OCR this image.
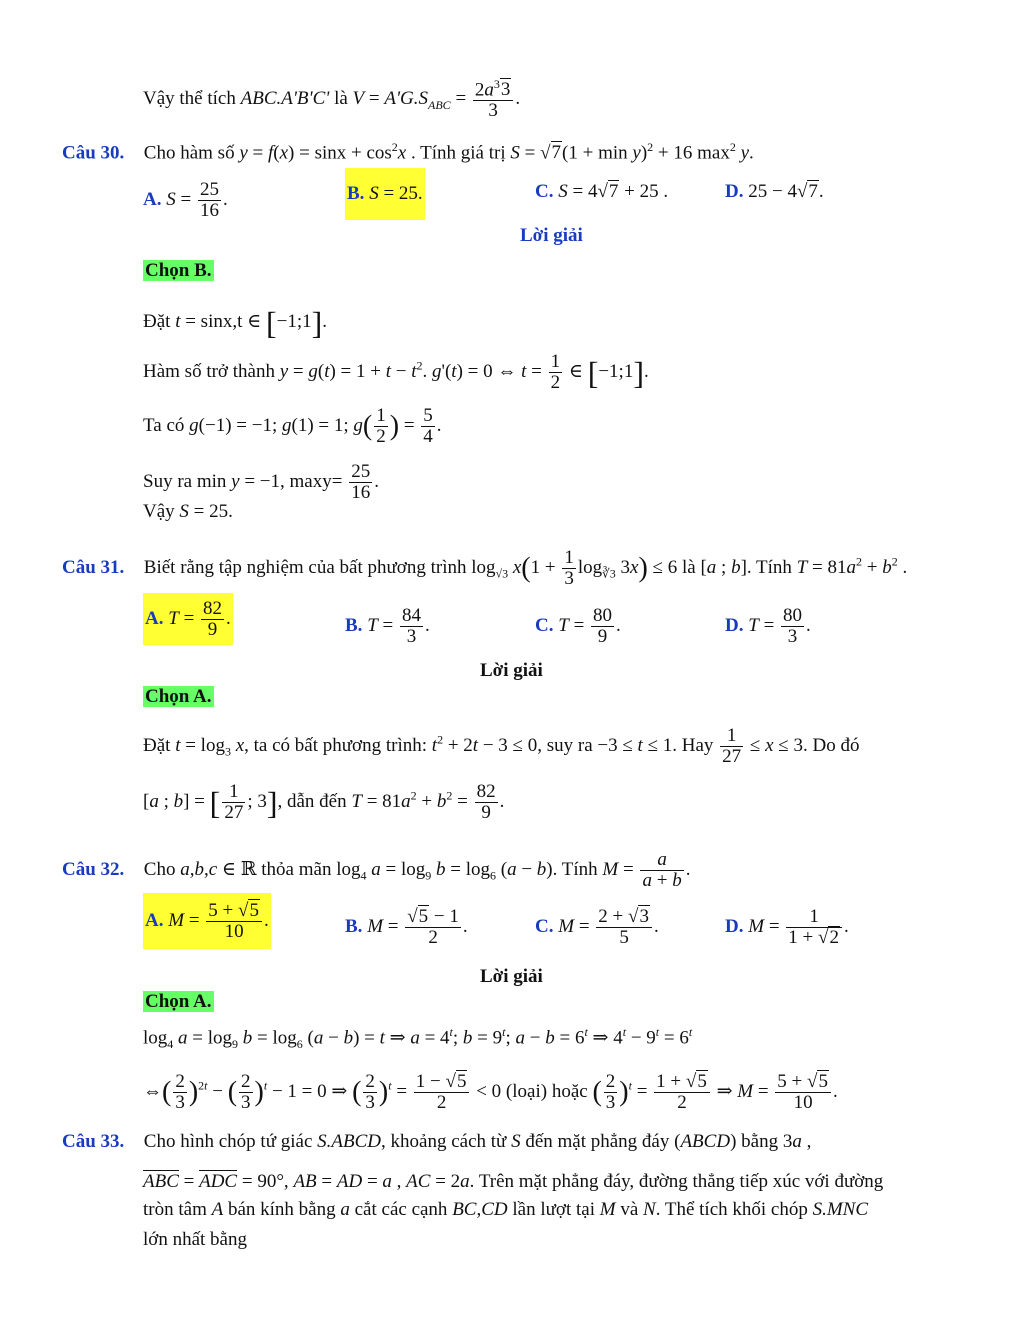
Vậy thể tích ABC.A'B'C' là $V = A'G.S_{ABC} = \frac{2a^33}{3}$ .
Câu 30. Cho hàm số $y = f(x) = \sin x + \cos^2x$ . Tính giá trị $S = √7(1 + \min y)^2 + 16$ $\max^2 y$.
A. $S = \frac{25}{16}$ .	B. S = 25.	C. S = 4√7 + 25 .	D. 25 − 4√7.
Lời giải
Chọn B.
Đặt t = sinx,t ∈ [−1;1].
Hàm số trở thành $y = g(t) = 1 + t - t^2$. g'(t) = 0 ⇔ $t = \frac{1}{2}$ ∈ [−1;1].
Ta có g(−1) = −1; g(1) = 1; $g( \frac{1}{2}$ ) = $\frac{5}{4}$ .
Suy ra min y = −1, $\max y= \frac{25}{16}$ .
Vậy S = 25.
Câu 31. Biết rằng tập nghiệm của bất phương trình $\log_{√3} x(1 + \frac{1}{3} \log_{∛3} 3x) \le 6$ là [a ; b]. Tính $T = 81a^2 + b^2$ .
A. $T = \frac{82}{9}$ .	B. $T = \frac{84}{3}$ .	C. $T = \frac{80}{9}$ .	D. $T = \frac{80}{3}$ .
Lời giải
Chọn A.
Đặt $t = \log_3 x$, ta có bất phương trình: $t^2 + 2t - 3 \le 0$, suy ra −3 ≤ t ≤ 1. Hay $\frac{1}{27} \le x \le 3$. Do đó
[a ; b] = [ $\frac{1}{27}$ ; 3], dẫn đến $T = 81a^2 + b^2 = \frac{82}{9}$ .
Câu 32. Cho a,b,c ∈ ℝ thỏa mãn $\log_4 a = \log_9 b = \log_6 (a - b)$. Tính $M = \frac{a}{a + b}$ .
A. $M = \frac{5 + √5}{10}$ .	B. $M = \frac{√5 - 1}{2}$ .	C. $M = \frac{2 + √3}{5}$ .	D. $M = \frac{1}{1 + √2}$ .
Lời giải
Chọn A.
$\log_4 a = \log_9 b = \log_6 (a - b) = t$ ⇒ $a = 4^t$; $b = 9^t$; $a - b = 6^t$ ⇒ $4^t - 9^t = 6^t$
⇔( $\frac{2}{3} )^{2t}$ − ( $\frac{2}{3} )^t - 1 = 0$ ⇒ ( $\frac{2}{3} )^t = \frac{1 - √5}{2} < 0$ (loại) hoặc ( $\frac{2}{3} )^t = \frac{1 + √5}{2}$ ⇒ $M = \frac{5 + √5}{10}$ .
Câu 33. Cho hình chóp tứ giác S.ABCD, khoảng cách từ S đến mặt phẳng đáy (ABCD) bằng 3a ,
ABC = ADC = 90°, AB = AD = a , AC = 2a. Trên mặt phẳng đáy, đường thẳng tiếp xúc với đường
tròn tâm A bán kính bằng a cắt các cạnh BC,CD lần lượt tại M và N. Thể tích khối chóp S.MNC
lớn nhất bằng
